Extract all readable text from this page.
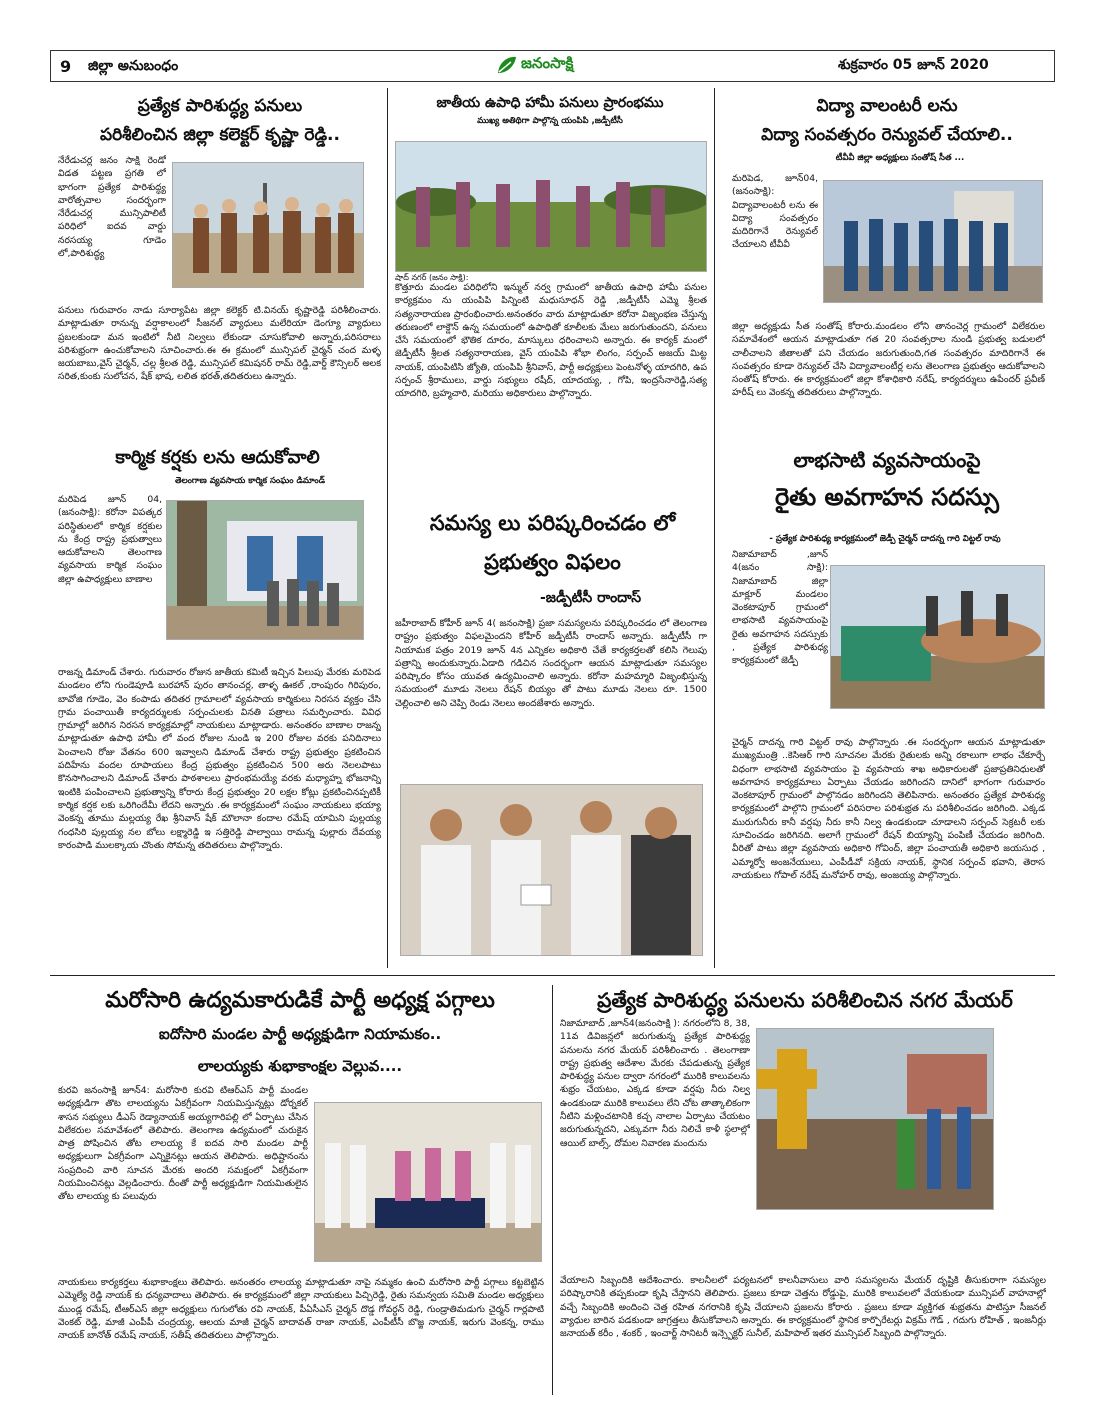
9 జిల్లా అనుబంధం	జనంసాక్షి	శుక్రవారం 05 జూన్ 2020
ప్రత్యేక పారిశుద్ధ్య పనులు
పరిశీలించిన జిల్లా కలెక్టర్ కృష్ణా రెడ్డి..
నేరేడుచర్ల జనం సాక్షి రెండో విడత పట్టణ ప్రగతి లో భాగంగా ప్రత్యేక పారిశుద్ధ్య వారోత్సవాల సందర్భంగా నేరేడుచర్ల మున్సిపాలిటీ పరిధిలో ఐదవ వార్డు నరసయ్య గూడెం లో,పారిశుద్ధ్య
పనులు గురువారం నాడు సూర్యాపేట జిల్లా కలెక్టర్ టి.వినయ్ కృష్ణారెడ్డి పరిశీలించారు. మాట్లాడుతూ రానున్న వర్షాకాలంలో సీజనల్ వ్యాధులు మలేరియా డెంగ్యూ వ్యాధులు ప్రబలకుండా మన ఇంటిలో నీటి నిల్వలు లేకుండా చూసుకోవాలి అన్నారు,పరిసరాలు పరిశుభ్రంగా ఉంచుకోవాలని సూచించారు.ఈ ఈ క్రమంలో మున్సిపల్ చైర్మన్ చంద మళ్ళ జయబాబు,వైస్ చైర్మన్, చల్ల శ్రీలత రెడ్డి, మున్సిపల్ కమిషనర్ రామ్ రెడ్డి,వార్డ్ కౌన్సిలర్ అలక సరిత,కుంకు సులోచన, షేక్ భాష, లలిత భరత్,తదితరులు ఉన్నారు.
కార్మిక కర్షకు లను ఆదుకోవాలి
తెలంగాణ వ్యవసాయ కార్మిక సంఘం డిమాండ్
మరిపెడ జూన్ 04, (జనంసాక్షి): కరోనా విపత్కర పరిస్థితులలో కార్మిక కర్షకుల ను కేంద్ర రాష్ట్ర ప్రభుత్వాలు ఆదుకోవాలని తెలంగాణ వ్యవసాయ కార్మిక సంఘం జిల్లా ఉపాధ్యక్షులు బాణాల
రాజన్న డిమాండ్ చేశారు. గురువారం రోజున జాతీయ కమిటీ ఇచ్చిన పిలుపు మేరకు మరిపెడ మండలం లోని గుండెపూడి బురహాన్ పురం తానంచర్ల, తాళ్ళ ఊకల్ ,రాంపురం గిరిపురం, బావోజి గూడెం, వెం కంపాడు తదితర గ్రామాలలో వ్యవసాయ కార్మికులు నిరసన వ్యక్తం చేసి గ్రామ పంచాయితీ కార్యదర్శులకు సర్పంచులకు వినతి పత్రాలు సమర్పించారు. వివిధ గ్రామాల్లో జరిగిన నిరసన కార్యక్రమాల్లో నాయకులు మాట్లాడారు. అనంతరం బాణాల రాజన్న మాట్లాడుతూ ఉపాధి హామీ లో వంద రోజుల నుండి ఇ 200 రోజుల వరకు పనిదినాలు పెంచాలని రోజు వేతనం 600 ఇవ్వాలని డిమాండ్ చేశారు రాష్ట్ర ప్రభుత్వం ప్రకటించిన పదిహేను వందల రూపాయలు కేంద్ర ప్రభుత్వం ప్రకటించిన 500 అరు నెలలపాటు కొనసాగించాలని డిమాండ్ చేశారు పాఠశాలలు ప్రారంభమయ్యే వరకు మధ్యాహ్న భోజనాన్ని ఇంటికి పంపించాలని ప్రభుత్వాన్ని కోరారు కేంద్ర ప్రభుత్వం 20 లక్షల కోట్లు ప్రకటించినప్పటికీ కార్మిక కర్షక లకు ఒరిగిందేమీ లేదని అన్నారు .ఈ కార్యక్రమంలో సంఘం నాయకులు భయ్యా వెంకన్న తూము మల్లయ్య రేఖ శ్రీనివాస్ షేక్ మౌలానా కందాల రమేష్ యామిని పుల్లయ్య గంధసిరి పుల్లయ్య నల బోలు లక్ష్మారెడ్డి ఇ సత్తిరెడ్డి పాల్వాయి రామన్న పుల్లారు దేవయ్య కారంపాడి ములక్కాయ చొంతు సోమన్న తదితరులు పాల్గొన్నారు.
జాతీయ ఉపాధి హామీ పనులు ప్రారంభము
ముఖ్య అతిథిగా పాల్గొన్న యంపిపి ,జడ్పీటీసీ
కొత్తూరు మండల పరిధిలోని ఇన్ముల్ నర్వ గ్రామంలో జాతీయ ఉపాధి హామీ పనుల కార్యక్రమం ను యంపిపి పిన్నింటి మధుసూధన్ రెడ్డి ,జడ్పీటీసీ ఎమ్మె శ్రీలత సత్యనారాయణ ప్రారంభించారు.అనంతరం వారు మాట్లాడుతూ కరోనా విజృంభణ చేస్తున్న తరుణంలో లాక్డౌన్ ఉన్న సమయంలో ఉపాధితో కూలీలకు మేలు జరుగుతుందని, పనులు చేసే సమయంలో భౌతిక దూరం, మాస్కులు ధరించాలని అన్నారు. ఈ కార్యక్ మంలో జెడ్పీటీసీ శ్రీలత సత్యనారాయణ, వైస్ యంపిపి శోభా లింగం, సర్పంచ్ అజయ్ మిట్ట నాయక్, యంపిటిసి జ్యోతి, యంపిపి శ్రీనివాస్, పార్టీ అధ్యక్షులు పెంటనోళ్ళ యాదగిరి, ఉప సర్పంచ్ శ్రీరాములు, వార్డు సభ్యులు రషీద్, యాదయ్య, , గోపి, ఇంద్రసేనారెడ్డి,సత్య యాదగిరి, బ్రహ్మచారి, మరియు అధికారులు పాల్గొన్నారు.
షాద్ నగర్ (జనం సాక్షి):
సమస్య లు పరిష్కరించడం లో
ప్రభుత్వం విఫలం
-జడ్పీటీసీ రాందాస్
జహీరాబాద్ కోహీర్ జూన్ 4( జనంసాక్షి) ప్రజా సమస్యలను పరిష్కరించడం లో తెలంగాణ రాష్ట్రం ప్రభుత్వం విఫలమైందని కోహీర్ జడ్పీటీసీ రాందాస్ అన్నారు. జడ్పీటీసీ గా నియామక పత్రం 2019 జూన్ 4న ఎన్నికల అధికారి చేతే కార్యకర్తలతో కలిసి గెలుపు పత్రాన్ని అందుకున్నారు.ఏడాది గడిచిన సందర్భంగా ఆయన మాట్లాడుతూ సమస్యల పరిష్కారం కోసం యువత ఉద్యమించాలి అన్నారు. కరోనా మహమ్మారి విజృంభిస్తున్న సమయంలో మూడు నెలలు రేషన్ బియ్యం తో పాటు మూడు నెలలు రూ. 1500 చెల్లించాలి అని చెప్పి రెండు నెలలు అందజేశారు అన్నారు.
విద్యా వాలంటరీ లను
విద్యా సంవత్సరం రెన్యువల్ చేయాలి..
టీవీవీ జిల్లా అధ్యక్షులు సంతోష్ సీత ...
మరిపెడ, జూన్04, (జనంసాక్షి): విద్యావాలంటరీ లను ఈ విద్యా సంవత్సరం మదిరిగానే రెన్యువల్ చేయాలని టీవీవీ
జిల్లా అధ్యక్షుడు సీత సంతోష్ కోరారు.మండలం లోని తానంచెర్ల గ్రామంలో విలేకరుల సమావేశంలో ఆయన మాట్లాడుతూ గత 20 సంవత్సరాల నుండి ప్రభుత్వ బడులలో చాలీచాలని జీతాలతో పని చేయడం జరుగుతుంది,గత సంవత్సరం మాదిరిగానే ఈ సంవత్సరం కూడా రెన్యువల్ చేసి విద్యావాలంటీర్ల లను తెలంగాణ ప్రభుత్వం ఆదుకోవాలని సంతోష్ కోరారు. ఈ కార్యక్రమంలో జిల్లా కోశాధికారి నరేష్, కార్యదర్శులు ఉపేందర్ ప్రవీణ్ హరీష్ లు వెంకన్న తదితరులు పాల్గొన్నారు.
లాభసాటి వ్యవసాయంపై
రైతు అవగాహన సదస్సు
- ప్రత్యేక పారిశుధ్య కార్యక్రమంలో జెడ్పీ చైర్మన్ దాదన్న గారి విట్టల్ రావు
నిజామాబాద్ ,జూన్ 4(జనం సాక్షి): నిజామాబాద్ జిల్లా మాక్లూర్ మండలం వెంకటాపూర్ గ్రామంలో లాభసాటి వ్యవసాయంపై రైతు అవగాహన సదస్సుకు , ప్రత్యేక పారిశుధ్య కార్యక్రమంలో జెడ్పీ
చైర్మన్ దాదన్న గారి విట్టల్ రావు పాల్గొన్నారు .ఈ సందర్భంగా ఆయన మాట్లాడుతూ ముఖ్యమంత్రి ..కెసిఆర్ గారి సూచనల మేరకు రైతులకు అన్ని రకాలుగా లాభం చేకూర్చే విధంగా లాభసాటి వ్యవసాయం పై వ్యవసాయ శాఖ అధికారులతో ప్రజాప్రతినిధులతో అవగాహన కార్యక్రమాలు ఏర్పాటు చేయడం జరిగిందని దానిలో భాగంగా గురువారం వెంకటాపూర్ గ్రామంలో పాల్గొనడం జరిగిందని తెలిపినారు. అనంతరం ప్రత్యేక పారిశుధ్య కార్యక్రమంలో పాల్గొని గ్రామంలో పరిసరాల పరిశుభ్రత ను పరిశీలించడం జరిగింది. ఎక్కడ మురుగునీరు కానీ వర్షపు నీరు కానీ నిల్వ ఉండకుండా చూడాలని సర్పంచ్ సెక్రటరీ లకు సూచించడం జరిగినది. అలాగే గ్రామంలో రేషన్ బియ్యాన్ని పంపిణీ చేయడం జరిగింది. వీరితో పాటు జిల్లా వ్యవసాయ అధికారి గోవింద్, జిల్లా పంచాయతీ అధికారి జయసుధ , ఎమ్మార్వో అంజనేయులు, ఎంపీడీవో సక్రియ నాయక్, స్థానిక సర్పంచ్ భవాని, తెరాస నాయకులు గోపాల్ నరేష్ మనోహర్ రావు, అంజయ్య పాల్గొన్నారు.
మరోసారి ఉద్యమకారుడికే పార్టీ అధ్యక్ష పగ్గాలు
ఐదోసారి మండల పార్టీ అధ్యక్షుడిగా నియామకం..
లాలయ్యకు శుభాకాంక్షల వెల్లువ....
కురవి జనంసాక్షి జూన్4: మరోసారి కురవి టిఆర్ఎస్ పార్టీ మండల అధ్యక్షుడిగా తొట లాలయ్యను ఏకగ్రీవంగా నియమిస్తున్నట్లు డోర్నకల్ శాసన సభ్యులు డీఎస్ రెడ్యానాయక్ అయ్యగారిపల్లి లో ఏర్పాటు చేసిన విలేకరుల సమావేశంలో తెలిపారు. తెలంగాణ ఉద్యమంలో చురుకైన పాత్ర పోషించిన తోట లాలయ్య కే ఐదవ సారి మండల పార్టీ అధ్యక్షులుగా ఏకగ్రీవంగా ఎన్నికైనట్లు ఆయన తెలిపారు. అధిష్టానంను సంప్రదించి వారి సూచన మేరకు అందరి సమక్షంలో ఏకగ్రీవంగా నియమించినట్లు వెల్లడించారు. దీంతో పార్టీ అధ్యక్షుడిగా నియమితులైన తోట లాలయ్య కు పలువురు
నాయకులు కార్యకర్తలు శుభాకాంక్షలు తెలిపారు. అనంతరం లాలయ్య మాట్లాడుతూ నాపై నమ్మకం ఉంచి మరోసారి పార్టీ పగ్గాలు కట్టబెట్టిన ఎమ్మెల్యే రెడ్డి నాయక్ కు ధన్యవాదాలు తెలిపారు. ఈ కార్యక్రమంలో జిల్లా నాయకులు పిచ్చిరెడ్డి, రైతు సమన్వయ సమితి మండల అధ్యక్షులు ముండ్ల రమేష్, టీఆర్ఎస్ జిల్లా అధ్యక్షులు గుగులోతు రవి నాయక్, పీఏసీఎస్ చైర్మన్ దొడ్డ గోవర్ధన్ రెడ్డి, గుండ్రాతిమడుగు చైర్మన్ గార్లపాటి వెంకట్ రెడ్డి, మాజీ ఎంపీపీ చంద్రయ్య, ఆలయ మాజీ చైర్మన్ బాదావత్ రాజా నాయక్, ఎంపీటీసీ బొజ్జ నాయక్, ఇరుగు వెంకన్న, రాము నాయక్ బానోత్ రమేష్ నాయక్, సతీష్ తదితరులు పాల్గొన్నారు.
ప్రత్యేక పారిశుద్ధ్య పనులను పరిశీలించిన నగర మేయర్
నిజామాబాద్ ,జూన్4(జనంసాక్షి ): నగరంలోని 8, 38, 11వ డివిజన్లలో జరుగుతున్న ప్రత్యేక పారిశుద్ధ్య పనులను నగర మేయర్ పరిశీలించారు . తెలంగాణా రాష్ట్ర ప్రభుత్వ ఆదేశాల మేరకు చేపడుతున్న ప్రత్యేక పారిశుద్ధ్య పనుల ద్వారా నగరంలో మురికి కాలువలను శుభ్రం చేయటం, ఎక్కడ కూడా వర్షపు నీరు నిల్వ ఉండకుండా మురికి కాలువలు లేని చోట తాత్కాలికంగా నీటిని మళ్లించటానికి కచ్చ నాలాల ఏర్పాటు చేయటం జరుగుతున్నదని, ఎక్కువగా నీరు నిలిచే కాళీ స్థలాల్లో ఆయిల్ బాల్స్, దోమల నివారణ మందును
వేయాలని సిబ్బందికి ఆదేశించారు. కాలనీలలో పర్యటనలో కాలనీవాసులు వారి సమస్యలను మేయర్ దృష్టికి తీసుకురాగా సమస్యల పరిష్కారానికి తప్పకుండా కృషి చేస్తానని తెలిపారు. ప్రజలు కూడా చెత్తను రోడ్డుపై, మురికి కాలువలలో వేయకుండా మున్సిపల్ వాహనాల్లో వచ్చే సిబ్బందికి అందించి చెత్త రహిత నగరానికి కృషి చేయాలని ప్రజలను కోరారు . ప్రజలు కూడా వ్యక్తిగత శుభ్రతను పాటిస్తూ సీజనల్ వ్యాధుల బారిన పడకుండా జాగ్రత్తలు తీసుకోవాలని అన్నారు. ఈ కార్యక్రమంలో స్థానిక కార్పొరేటర్లు విక్రమ్ గౌడ్ , గదుగు రోహిత్ , ఇంజనీర్లు జనాయత్ కరీం , శంకర్ , ఇంచార్జ్ సానిటరీ ఇన్స్పెక్టర్ సునీల్, మహిపాల్ ఇతర మున్సిపల్ సిబ్బంది పాల్గొన్నారు.
